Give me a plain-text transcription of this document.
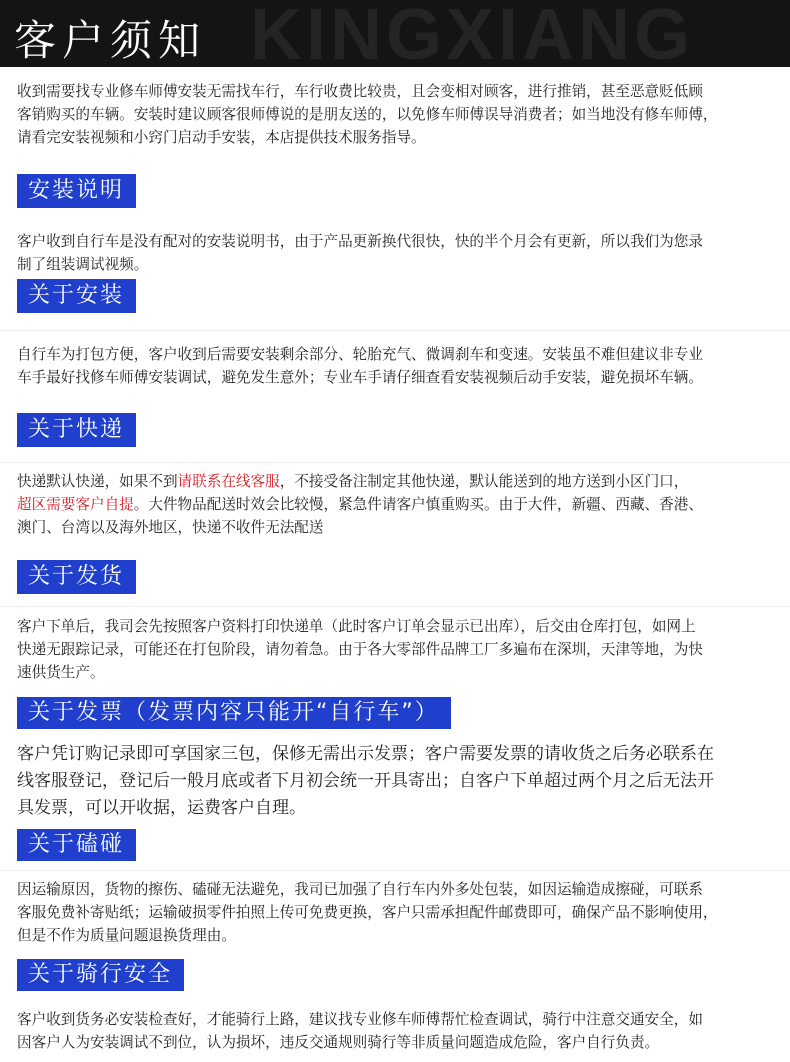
KINGXIANG
客户须知

收到需要找专业修车师傅安装无需找车行，车行收费比较贵，且会变相对顾客，进行推销，甚至恶意贬低顾
客销购买的车辆。安装时建议顾客很师傅说的是朋友送的，以免修车师傅误导消费者；如当地没有修车师傅，
请看完安装视频和小窍门启动手安装，本店提供技术服务指导。

安装说明

客户收到自行车是没有配对的安装说明书，由于产品更新换代很快，快的半个月会有更新，所以我们为您录
制了组装调试视频。

关于安装

自行车为打包方便，客户收到后需要安装剩余部分、轮胎充气、微调刹车和变速。安装虽不难但建议非专业
车手最好找修车师傅安装调试，避免发生意外；专业车手请仔细查看安装视频后动手安装，避免损坏车辆。

关于快递

快递默认快递，如果不到请联系在线客服，不接受备注制定其他快递，默认能送到的地方送到小区门口，
超区需要客户自提。大件物品配送时效会比较慢，紧急件请客户慎重购买。由于大件，新疆、西藏、香港、
澳门、台湾以及海外地区，快递不收件无法配送

关于发货

客户下单后，我司会先按照客户资料打印快递单（此时客户订单会显示已出库），后交由仓库打包，如网上
快递无跟踪记录，可能还在打包阶段，请勿着急。由于各大零部件品牌工厂多遍布在深圳，天津等地，为快
速供货生产。

关于发票（发票内容只能开“自行车”）

客户凭订购记录即可享国家三包，保修无需出示发票；客户需要发票的请收货之后务必联系在
线客服登记，登记后一般月底或者下月初会统一开具寄出；自客户下单超过两个月之后无法开
具发票，可以开收据，运费客户自理。

关于磕碰

因运输原因，货物的擦伤、磕碰无法避免，我司已加强了自行车内外多处包装，如因运输造成擦碰，可联系
客服免费补寄贴纸；运输破损零件拍照上传可免费更换，客户只需承担配件邮费即可，确保产品不影响使用，
但是不作为质量问题退换货理由。

关于骑行安全

客户收到货务必安装检查好，才能骑行上路，建议找专业修车师傅帮忙检查调试，骑行中注意交通安全，如
因客户人为安装调试不到位，认为损坏，违反交通规则骑行等非质量问题造成危险，客户自行负责。
